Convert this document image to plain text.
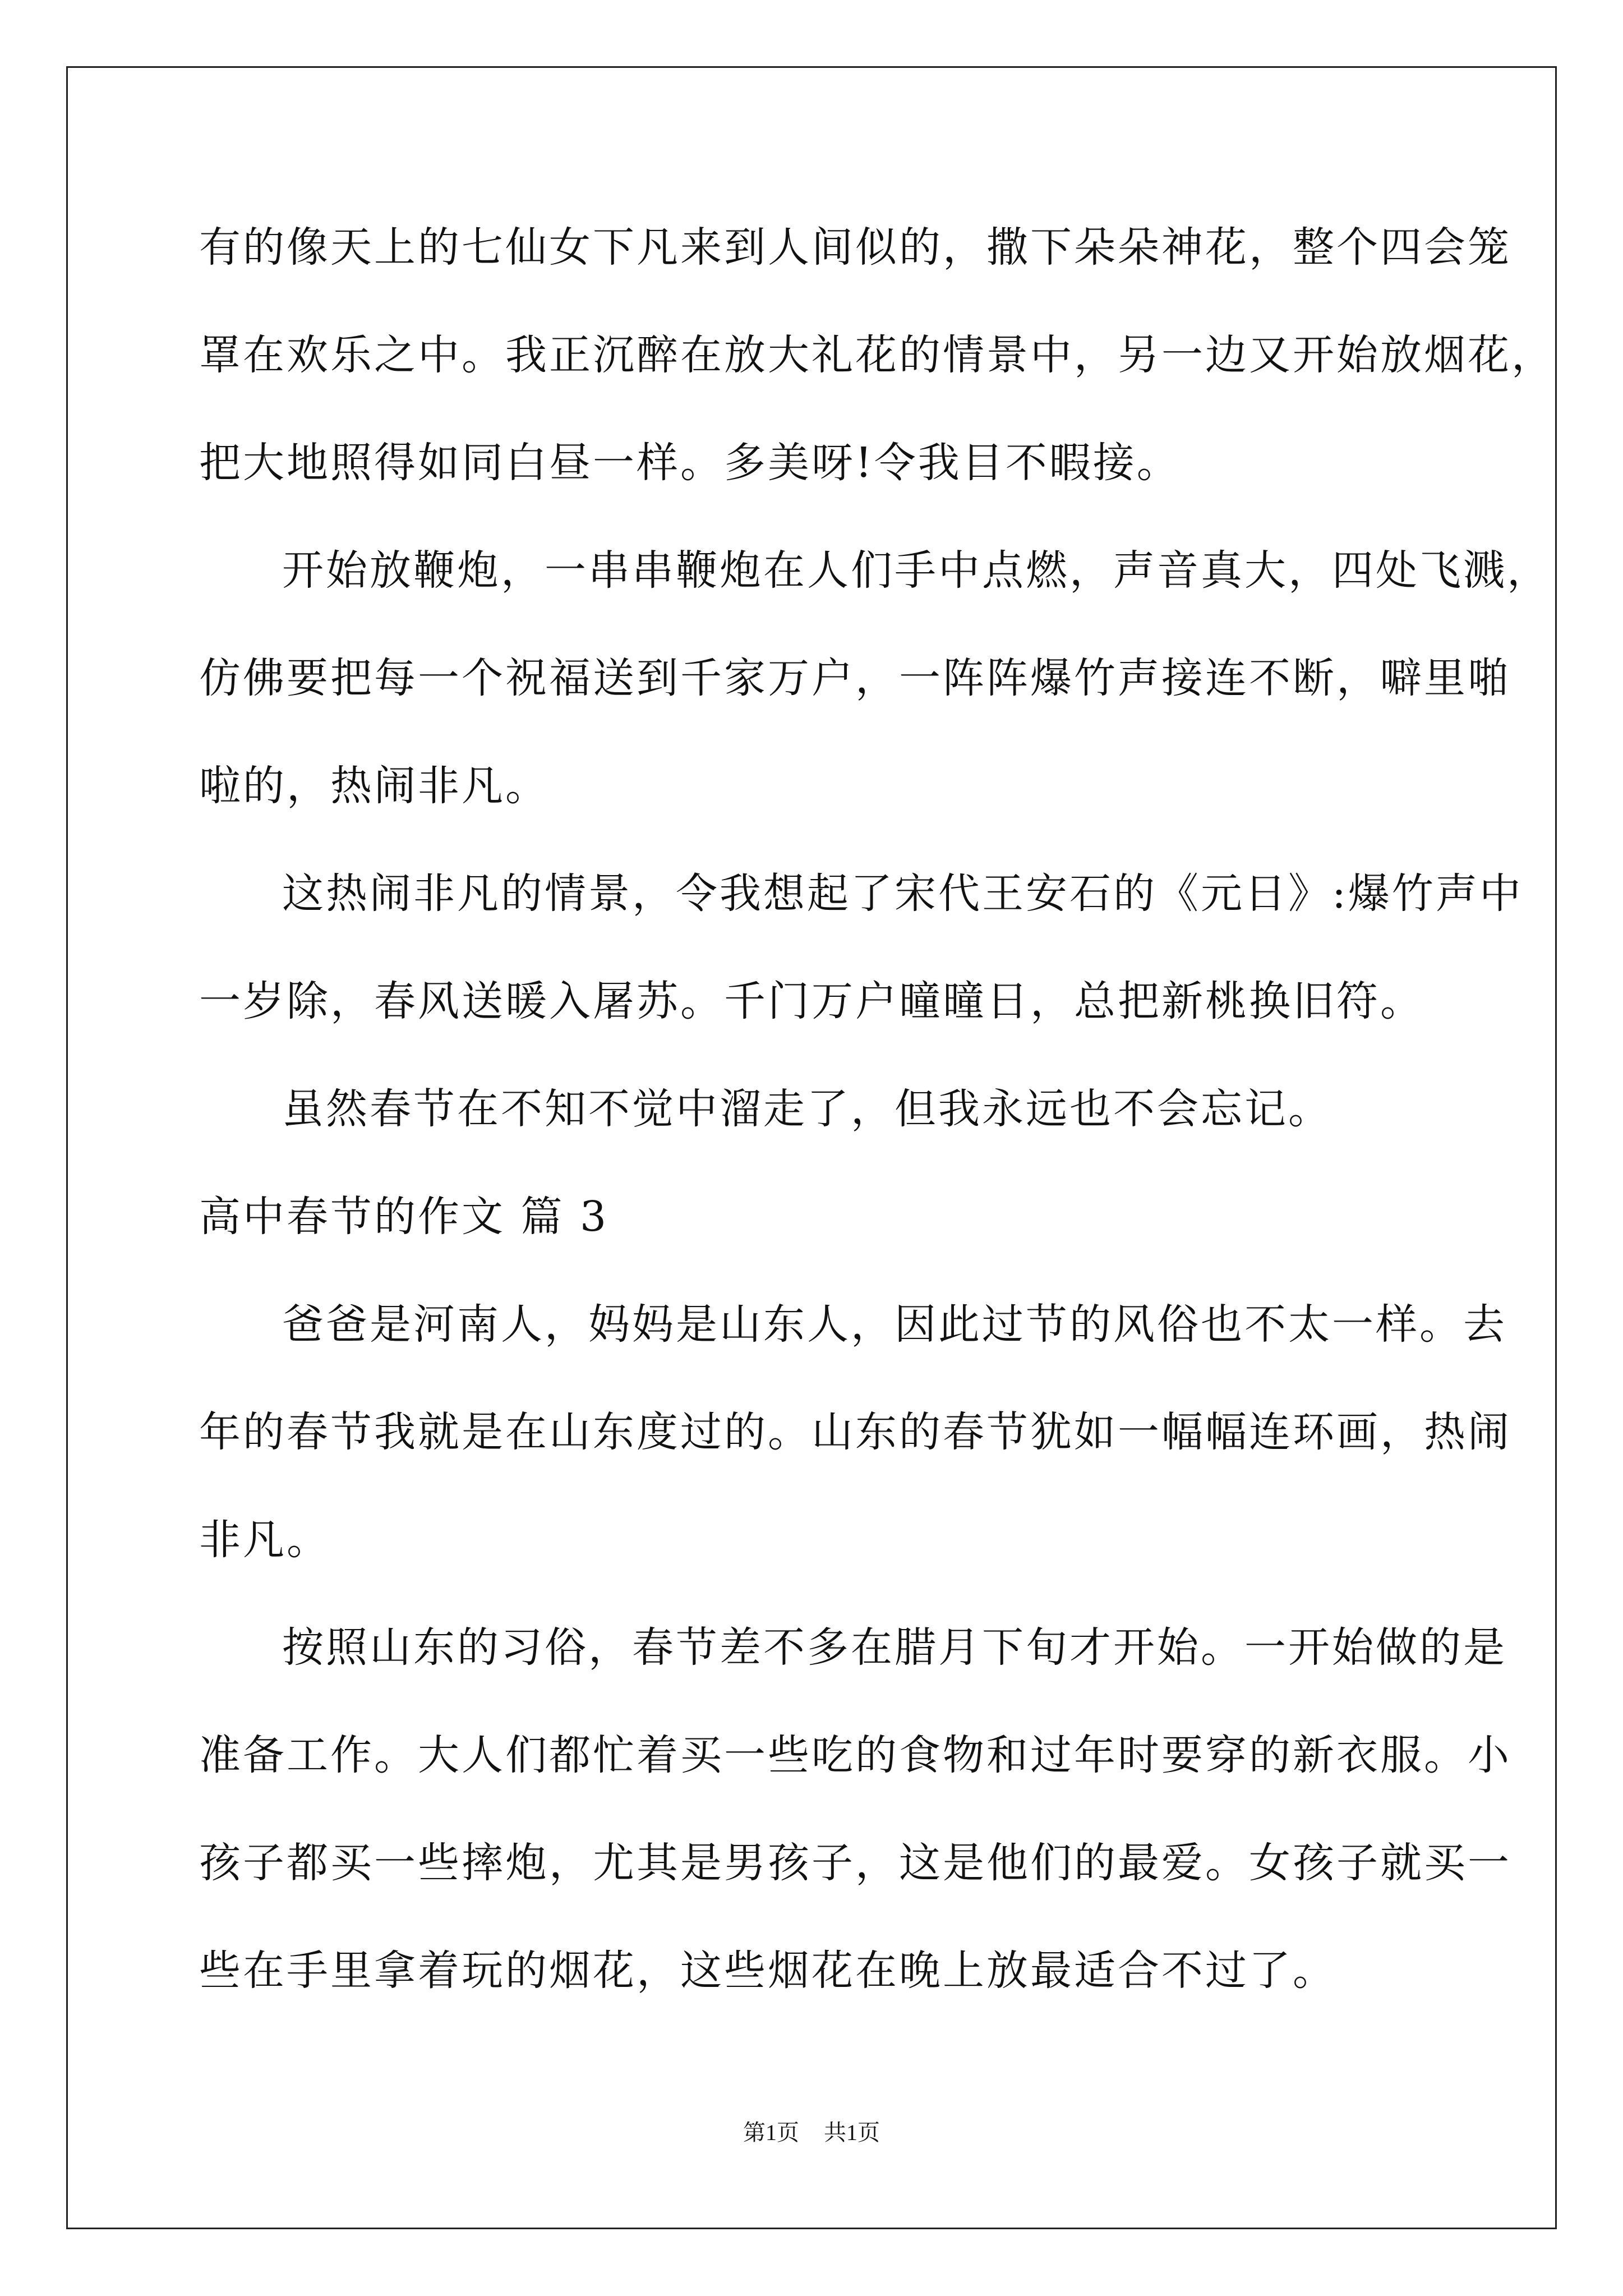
有的像天上的七仙女下凡来到人间似的，撒下朵朵神花，整个四会笼
罩在欢乐之中。我正沉醉在放大礼花的情景中，另一边又开始放烟花，
把大地照得如同白昼一样。多美呀!令我目不暇接。
开始放鞭炮，一串串鞭炮在人们手中点燃，声音真大，四处飞溅，
仿佛要把每一个祝福送到千家万户，一阵阵爆竹声接连不断，噼里啪
啦的，热闹非凡。
这热闹非凡的情景，令我想起了宋代王安石的《元日》:爆竹声中
一岁除，春风送暖入屠苏。千门万户曈曈日，总把新桃换旧符。
虽然春节在不知不觉中溜走了，但我永远也不会忘记。
高中春节的作文 篇 3
爸爸是河南人，妈妈是山东人，因此过节的风俗也不太一样。去
年的春节我就是在山东度过的。山东的春节犹如一幅幅连环画，热闹
非凡。
按照山东的习俗，春节差不多在腊月下旬才开始。一开始做的是
准备工作。大人们都忙着买一些吃的食物和过年时要穿的新衣服。小
孩子都买一些摔炮，尤其是男孩子，这是他们的最爱。女孩子就买一
些在手里拿着玩的烟花，这些烟花在晚上放最适合不过了。
第1页 共1页
